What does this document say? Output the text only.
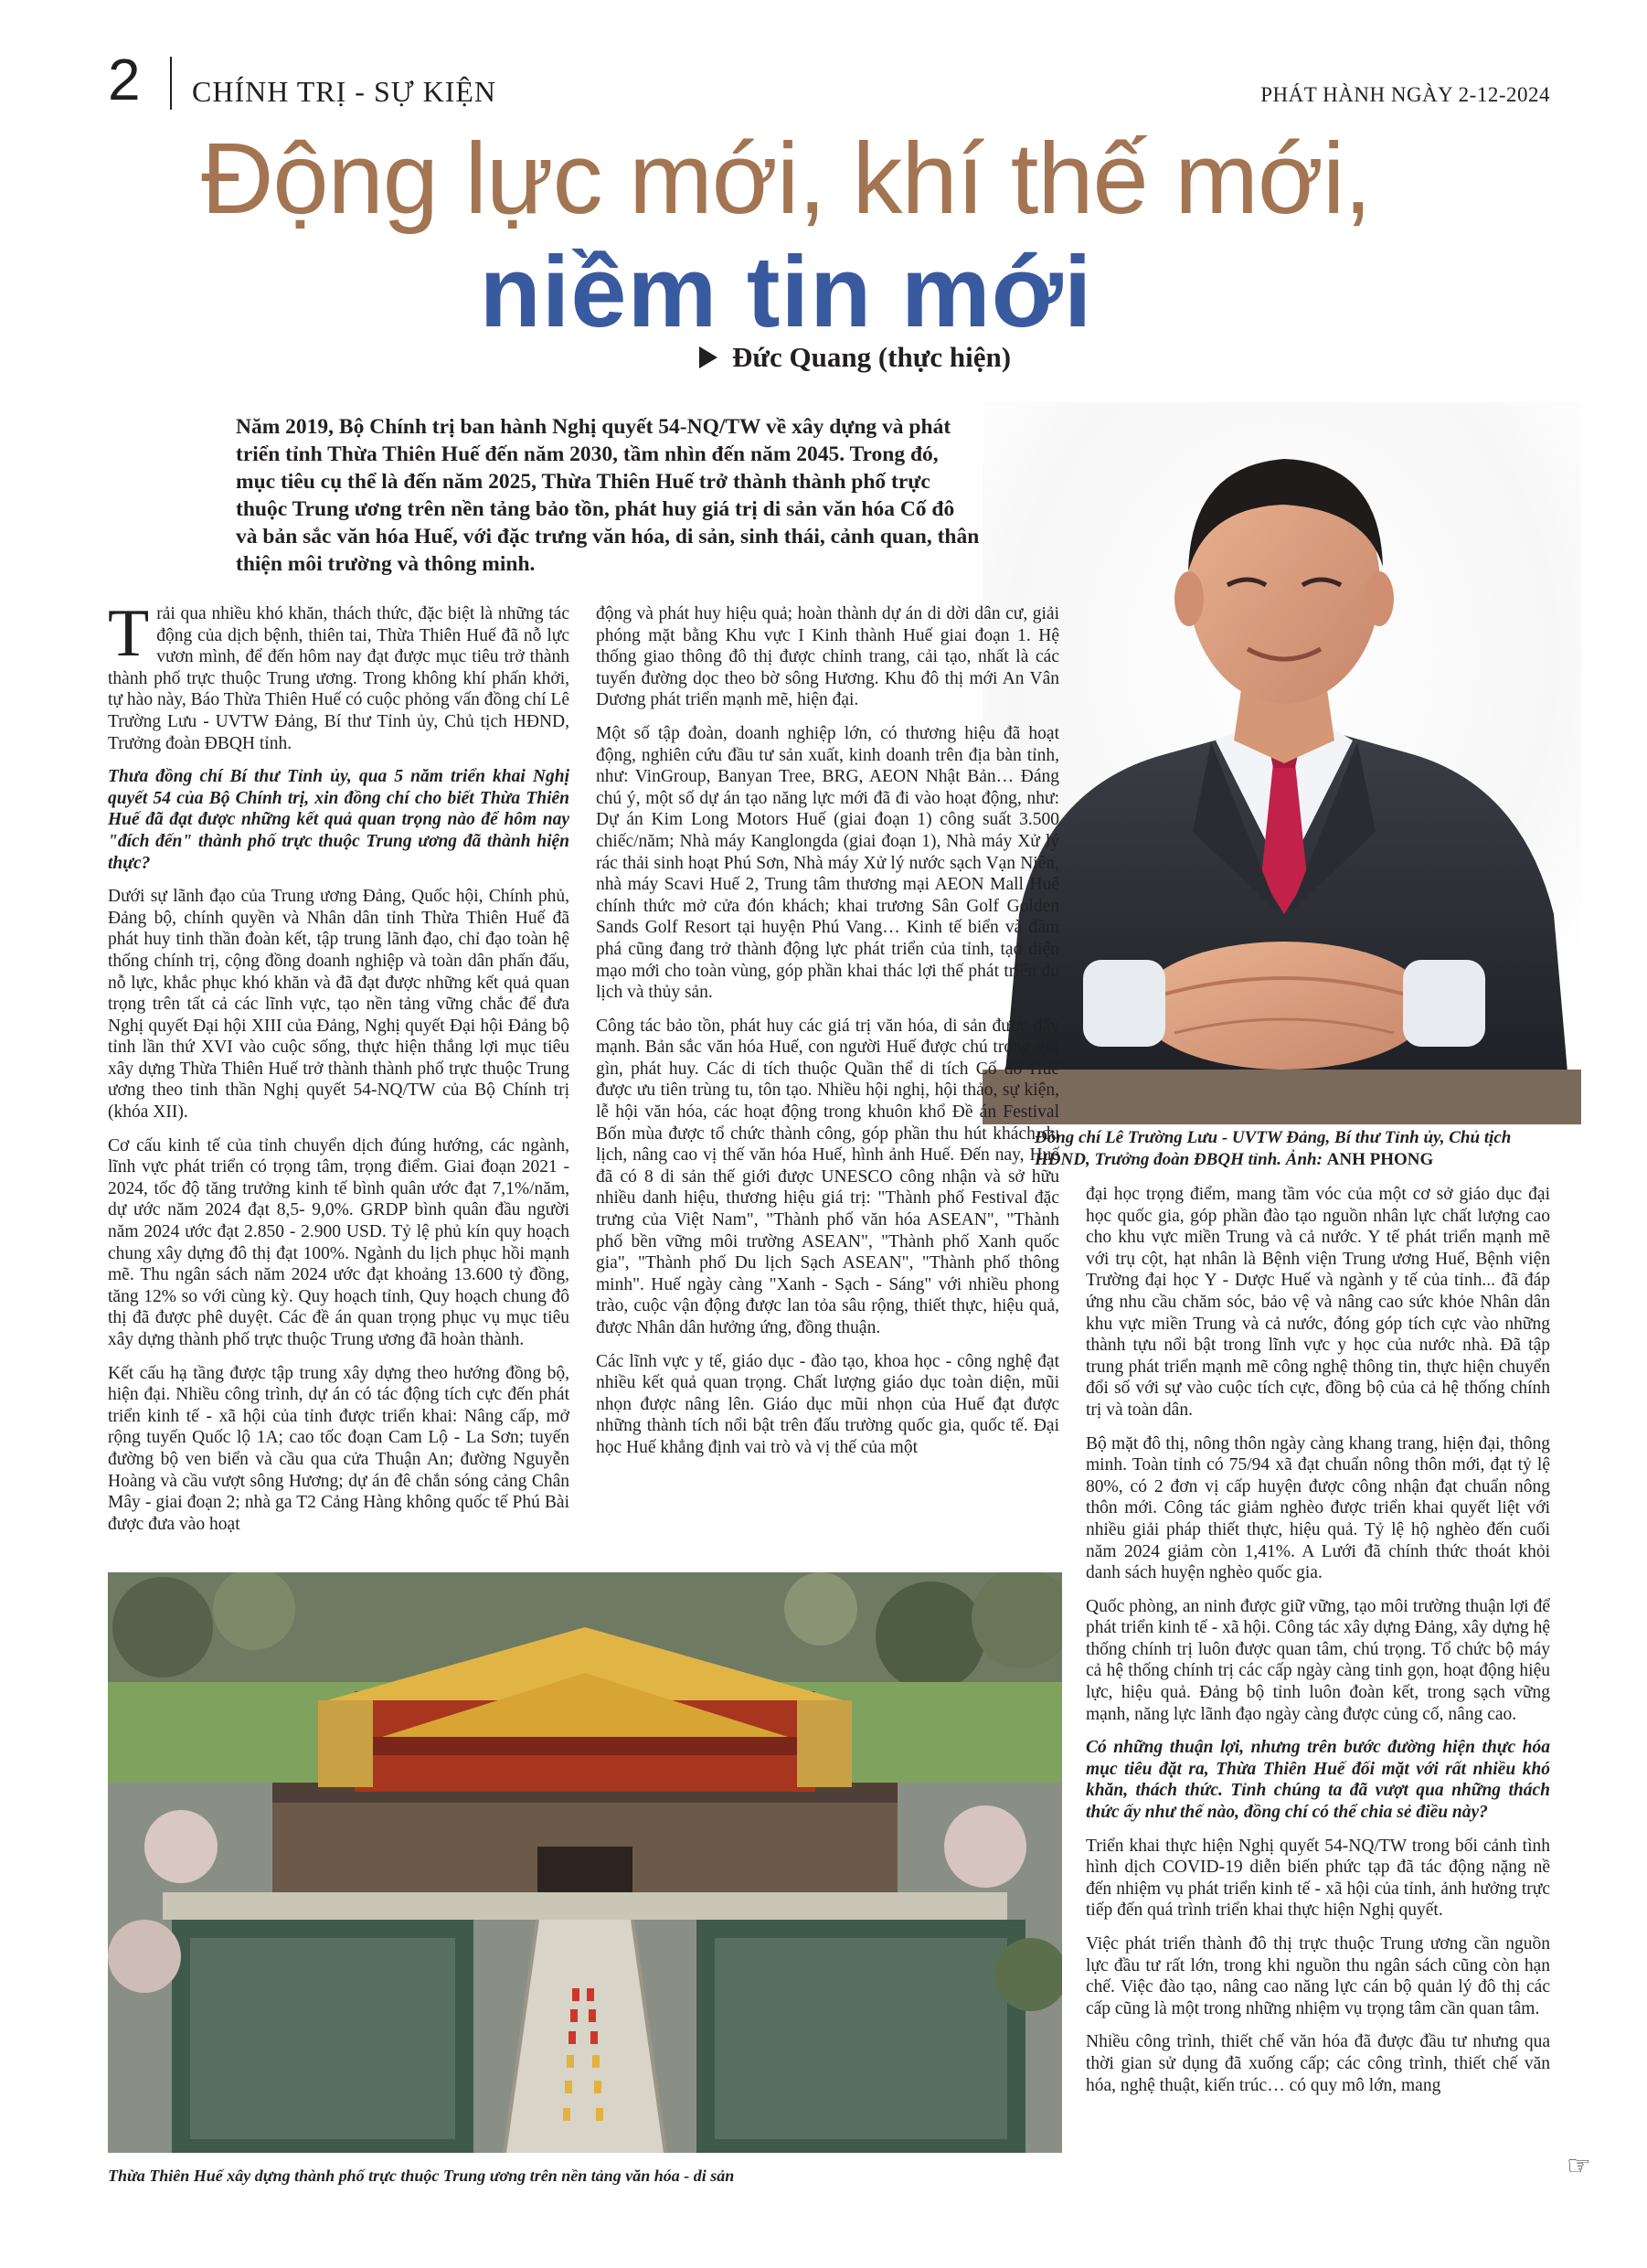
2 CHÍNH TRỊ - SỰ KIỆN	PHÁT HÀNH NGÀY 2-12-2024
Động lực mới, khí thế mới,
niềm tin mới
Đức Quang (thực hiện)
Năm 2019, Bộ Chính trị ban hành Nghị quyết 54-NQ/TW về xây dựng và phát triển tỉnh Thừa Thiên Huế đến năm 2030, tầm nhìn đến năm 2045. Trong đó, mục tiêu cụ thể là đến năm 2025, Thừa Thiên Huế trở thành thành phố trực thuộc Trung ương trên nền tảng bảo tồn, phát huy giá trị di sản văn hóa Cố đô và bản sắc văn hóa Huế, với đặc trưng văn hóa, di sản, sinh thái, cảnh quan, thân thiện môi trường và thông minh.
Đồng chí Lê Trường Lưu - UVTW Đảng, Bí thư Tỉnh ủy, Chủ tịch HĐND, Trưởng đoàn ĐBQH tỉnh. Ảnh: ANH PHONG

Trải qua nhiều khó khăn, thách thức, đặc biệt là những tác động của dịch bệnh, thiên tai, Thừa Thiên Huế đã nỗ lực vươn mình, để đến hôm nay đạt được mục tiêu trở thành thành phố trực thuộc Trung ương. Trong không khí phấn khởi, tự hào này, Báo Thừa Thiên Huế có cuộc phỏng vấn đồng chí Lê Trường Lưu - UVTW Đảng, Bí thư Tỉnh ủy, Chủ tịch HĐND, Trưởng đoàn ĐBQH tỉnh.

Thưa đồng chí Bí thư Tỉnh ủy, qua 5 năm triển khai Nghị quyết 54 của Bộ Chính trị, xin đồng chí cho biết Thừa Thiên Huế đã đạt được những kết quả quan trọng nào để hôm nay "đích đến" thành phố trực thuộc Trung ương đã thành hiện thực?

Dưới sự lãnh đạo của Trung ương Đảng, Quốc hội, Chính phủ, Đảng bộ, chính quyền và Nhân dân tỉnh Thừa Thiên Huế đã phát huy tinh thần đoàn kết, tập trung lãnh đạo, chỉ đạo toàn hệ thống chính trị, cộng đồng doanh nghiệp và toàn dân phấn đấu, nỗ lực, khắc phục khó khăn và đã đạt được những kết quả quan trọng trên tất cả các lĩnh vực, tạo nền tảng vững chắc để đưa Nghị quyết Đại hội XIII của Đảng, Nghị quyết Đại hội Đảng bộ tỉnh lần thứ XVI vào cuộc sống, thực hiện thắng lợi mục tiêu xây dựng Thừa Thiên Huế trở thành thành phố trực thuộc Trung ương theo tinh thần Nghị quyết 54-NQ/TW của Bộ Chính trị (khóa XII).

Cơ cấu kinh tế của tỉnh chuyển dịch đúng hướng, các ngành, lĩnh vực phát triển có trọng tâm, trọng điểm. Giai đoạn 2021 - 2024, tốc độ tăng trưởng kinh tế bình quân ước đạt 7,1%/năm, dự ước năm 2024 đạt 8,5- 9,0%. GRDP bình quân đầu người năm 2024 ước đạt 2.850 - 2.900 USD. Tỷ lệ phủ kín quy hoạch chung xây dựng đô thị đạt 100%. Ngành du lịch phục hồi mạnh mẽ. Thu ngân sách năm 2024 ước đạt khoảng 13.600 tỷ đồng, tăng 12% so với cùng kỳ. Quy hoạch tỉnh, Quy hoạch chung đô thị đã được phê duyệt. Các đề án quan trọng phục vụ mục tiêu xây dựng thành phố trực thuộc Trung ương đã hoàn thành.

Kết cấu hạ tầng được tập trung xây dựng theo hướng đồng bộ, hiện đại. Nhiều công trình, dự án có tác động tích cực đến phát triển kinh tế - xã hội của tỉnh được triển khai: Nâng cấp, mở rộng tuyến Quốc lộ 1A; cao tốc đoạn Cam Lộ - La Sơn; tuyến đường bộ ven biển và cầu qua cửa Thuận An; đường Nguyễn Hoàng và cầu vượt sông Hương; dự án đê chắn sóng cảng Chân Mây - giai đoạn 2; nhà ga T2 Cảng Hàng không quốc tế Phú Bài được đưa vào hoạt

động và phát huy hiệu quả; hoàn thành dự án di dời dân cư, giải phóng mặt bằng Khu vực I Kinh thành Huế giai đoạn 1. Hệ thống giao thông đô thị được chỉnh trang, cải tạo, nhất là các tuyến đường dọc theo bờ sông Hương. Khu đô thị mới An Vân Dương phát triển mạnh mẽ, hiện đại.

Một số tập đoàn, doanh nghiệp lớn, có thương hiệu đã hoạt động, nghiên cứu đầu tư sản xuất, kinh doanh trên địa bàn tỉnh, như: VinGroup, Banyan Tree, BRG, AEON Nhật Bản… Đáng chú ý, một số dự án tạo năng lực mới đã đi vào hoạt động, như: Dự án Kim Long Motors Huế (giai đoạn 1) công suất 3.500 chiếc/năm; Nhà máy Kanglongda (giai đoạn 1), Nhà máy Xử lý rác thải sinh hoạt Phú Sơn, Nhà máy Xử lý nước sạch Vạn Niên, nhà máy Scavi Huế 2, Trung tâm thương mại AEON Mall Huế chính thức mở cửa đón khách; khai trương Sân Golf Golden Sands Golf Resort tại huyện Phú Vang… Kinh tế biển và đầm phá cũng đang trở thành động lực phát triển của tỉnh, tạo diện mạo mới cho toàn vùng, góp phần khai thác lợi thế phát triển du lịch và thủy sản.

Công tác bảo tồn, phát huy các giá trị văn hóa, di sản được đẩy mạnh. Bản sắc văn hóa Huế, con người Huế được chú trọng giữ gìn, phát huy. Các di tích thuộc Quần thể di tích Cố đô Huế được ưu tiên trùng tu, tôn tạo. Nhiều hội nghị, hội thảo, sự kiện, lễ hội văn hóa, các hoạt động trong khuôn khổ Đề án Festival Bốn mùa được tổ chức thành công, góp phần thu hút khách du lịch, nâng cao vị thế văn hóa Huế, hình ảnh Huế. Đến nay, Huế đã có 8 di sản thế giới được UNESCO công nhận và sở hữu nhiều danh hiệu, thương hiệu giá trị: "Thành phố Festival đặc trưng của Việt Nam", "Thành phố văn hóa ASEAN", "Thành phố bền vững môi trường ASEAN", "Thành phố Xanh quốc gia", "Thành phố Du lịch Sạch ASEAN", "Thành phố thông minh". Huế ngày càng "Xanh - Sạch - Sáng" với nhiều phong trào, cuộc vận động được lan tỏa sâu rộng, thiết thực, hiệu quả, được Nhân dân hưởng ứng, đồng thuận.

Các lĩnh vực y tế, giáo dục - đào tạo, khoa học - công nghệ đạt nhiều kết quả quan trọng. Chất lượng giáo dục toàn diện, mũi nhọn được nâng lên. Giáo dục mũi nhọn của Huế đạt được những thành tích nổi bật trên đấu trường quốc gia, quốc tế. Đại học Huế khẳng định vai trò và vị thế của một

đại học trọng điểm, mang tầm vóc của một cơ sở giáo dục đại học quốc gia, góp phần đào tạo nguồn nhân lực chất lượng cao cho khu vực miền Trung và cả nước. Y tế phát triển mạnh mẽ với trụ cột, hạt nhân là Bệnh viện Trung ương Huế, Bệnh viện Trường đại học Y - Dược Huế và ngành y tế của tỉnh... đã đáp ứng nhu cầu chăm sóc, bảo vệ và nâng cao sức khỏe Nhân dân khu vực miền Trung và cả nước, đóng góp tích cực vào những thành tựu nổi bật trong lĩnh vực y học của nước nhà. Đã tập trung phát triển mạnh mẽ công nghệ thông tin, thực hiện chuyển đổi số với sự vào cuộc tích cực, đồng bộ của cả hệ thống chính trị và toàn dân.

Bộ mặt đô thị, nông thôn ngày càng khang trang, hiện đại, thông minh. Toàn tỉnh có 75/94 xã đạt chuẩn nông thôn mới, đạt tỷ lệ 80%, có 2 đơn vị cấp huyện được công nhận đạt chuẩn nông thôn mới. Công tác giảm nghèo được triển khai quyết liệt với nhiều giải pháp thiết thực, hiệu quả. Tỷ lệ hộ nghèo đến cuối năm 2024 giảm còn 1,41%. A Lưới đã chính thức thoát khỏi danh sách huyện nghèo quốc gia.

Quốc phòng, an ninh được giữ vững, tạo môi trường thuận lợi để phát triển kinh tế - xã hội. Công tác xây dựng Đảng, xây dựng hệ thống chính trị luôn được quan tâm, chú trọng. Tổ chức bộ máy cả hệ thống chính trị các cấp ngày càng tinh gọn, hoạt động hiệu lực, hiệu quả. Đảng bộ tỉnh luôn đoàn kết, trong sạch vững mạnh, năng lực lãnh đạo ngày càng được củng cố, nâng cao.

Có những thuận lợi, nhưng trên bước đường hiện thực hóa mục tiêu đặt ra, Thừa Thiên Huế đối mặt với rất nhiều khó khăn, thách thức. Tỉnh chúng ta đã vượt qua những thách thức ấy như thế nào, đồng chí có thể chia sẻ điều này?

Triển khai thực hiện Nghị quyết 54-NQ/TW trong bối cảnh tình hình dịch COVID-19 diễn biến phức tạp đã tác động nặng nề đến nhiệm vụ phát triển kinh tế - xã hội của tỉnh, ảnh hưởng trực tiếp đến quá trình triển khai thực hiện Nghị quyết.

Việc phát triển thành đô thị trực thuộc Trung ương cần nguồn lực đầu tư rất lớn, trong khi nguồn thu ngân sách cũng còn hạn chế. Việc đào tạo, nâng cao năng lực cán bộ quản lý đô thị các cấp cũng là một trong những nhiệm vụ trọng tâm cần quan tâm.

Nhiều công trình, thiết chế văn hóa đã được đầu tư nhưng qua thời gian sử dụng đã xuống cấp; các công trình, thiết chế văn hóa, nghệ thuật, kiến trúc… có quy mô lớn, mang

Thừa Thiên Huế xây dựng thành phố trực thuộc Trung ương trên nền tảng văn hóa - di sản	☞
